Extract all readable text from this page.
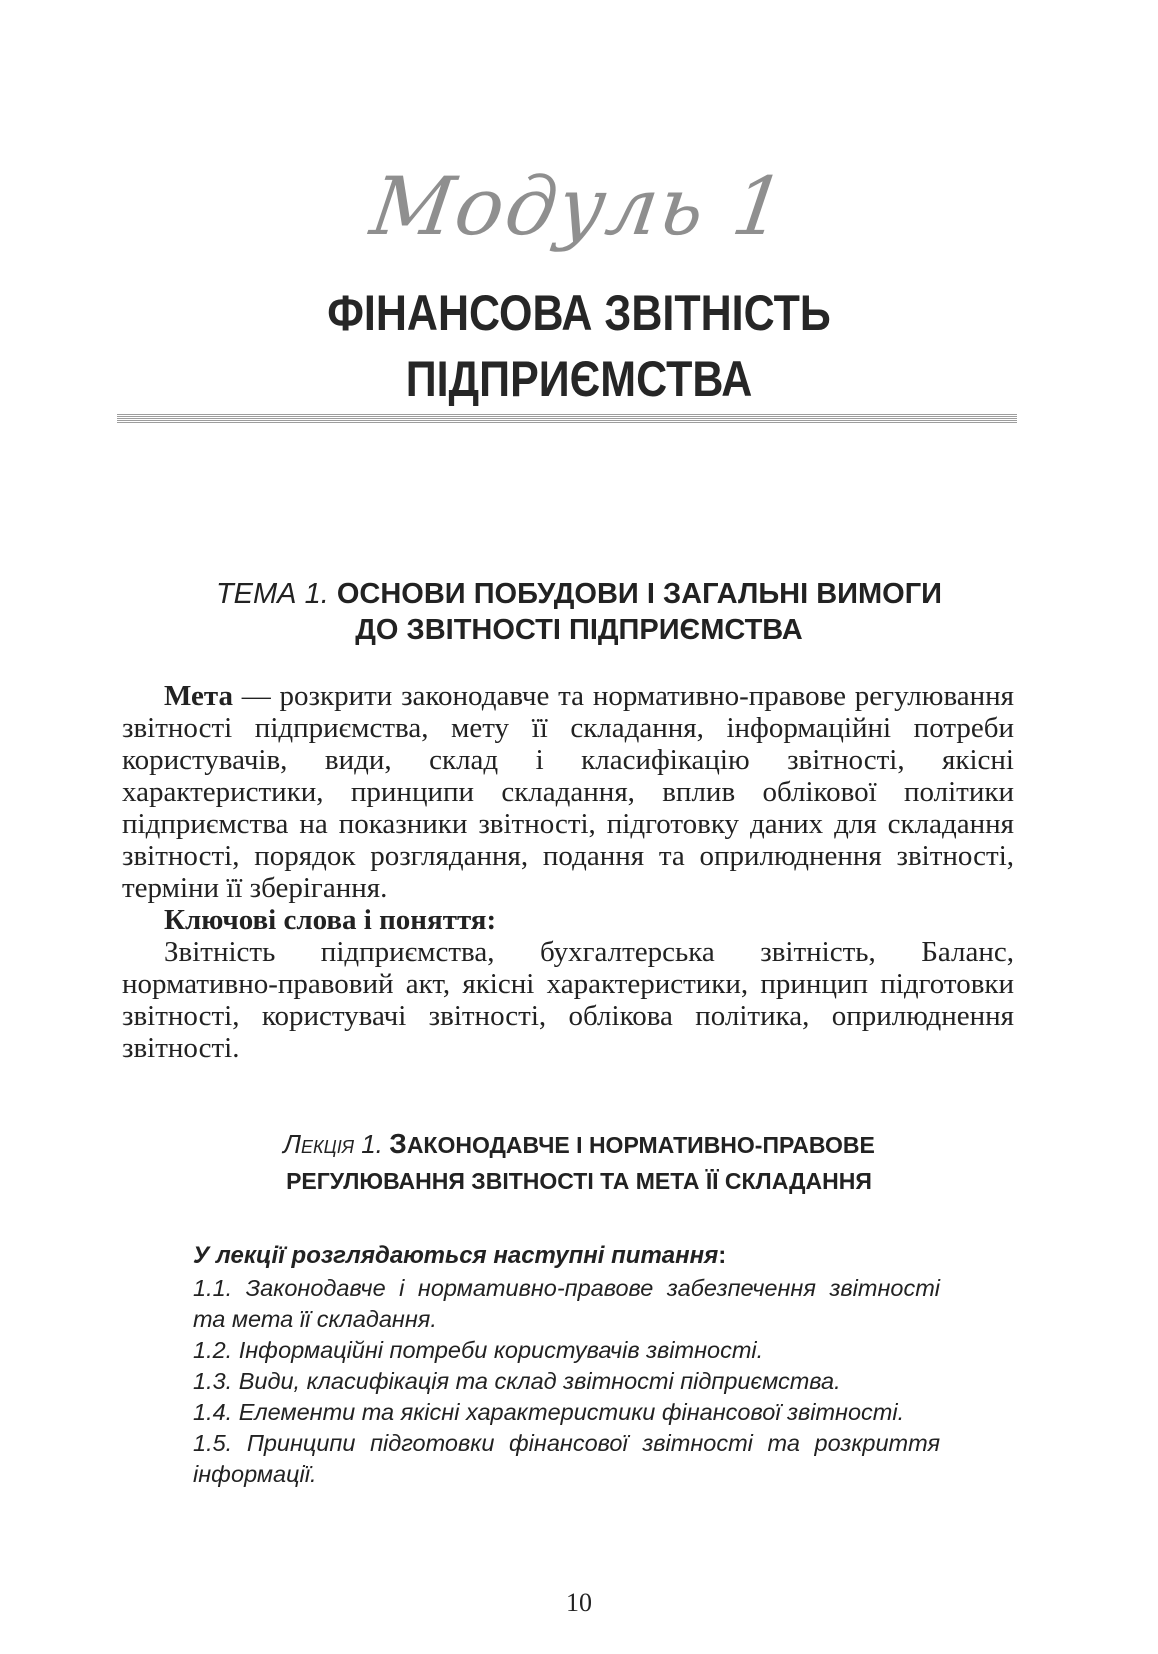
Модуль 1
ФІНАНСОВА ЗВІТНІСТЬ
ПІДПРИЄМСТВА
ТЕМА 1. ОСНОВИ ПОБУДОВИ І ЗАГАЛЬНІ ВИМОГИ
ДО ЗВІТНОСТІ ПІДПРИЄМСТВА

Мета — розкрити законодавче та нормативно-правове регулювання звітності підприємства, мету її складання, інформаційні потреби користувачів, види, склад і класифікацію звітності, якісні характеристики, принципи складання, вплив облікової політики підприємства на показники звітності, підготовку даних для складання звітності, порядок розглядання, подання та оприлюднення звітності, терміни її зберігання.

Ключові слова і поняття:

Звітність підприємства, бухгалтерська звітність, Баланс, нормативно-правовий акт, якісні характеристики, принцип підготовки звітності, користувачі звітності, облікова політика, оприлюднення звітності.

Лекція 1. ЗАКОНОДАВЧЕ І НОРМАТИВНО-ПРАВОВЕ
РЕГУЛЮВАННЯ ЗВІТНОСТІ ТА МЕТА ЇЇ СКЛАДАННЯ
У лекції розглядаються наступні питання:

1.1. Законодавче і нормативно-правове забезпечення звітності та мета її складання.

1.2. Інформаційні потреби користувачів звітності.

1.3. Види, класифікація та склад звітності підприємства.

1.4. Елементи та якісні характеристики фінансової звітності.

1.5. Принципи підготовки фінансової звітності та розкриття інформації.

10
